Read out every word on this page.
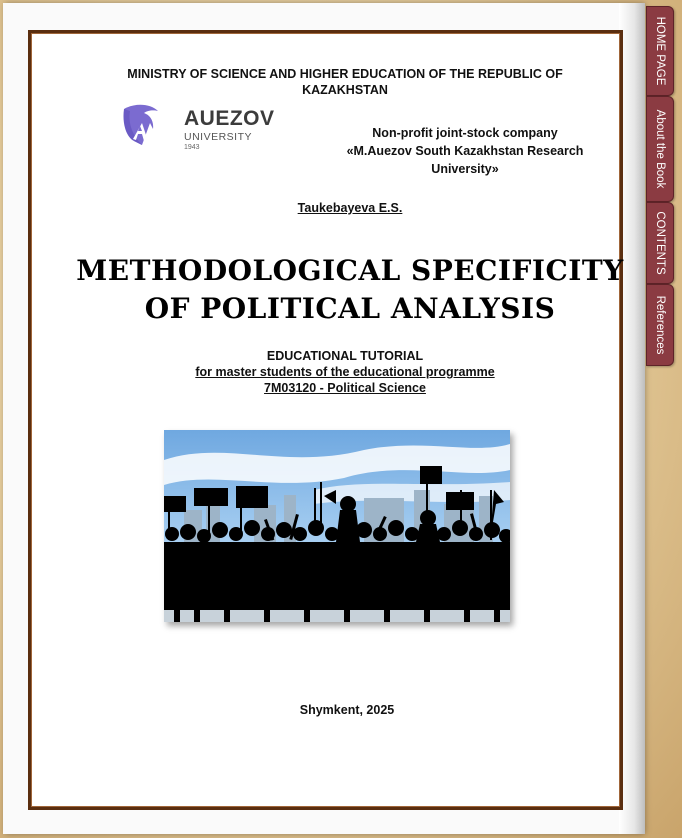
MINISTRY OF SCIENCE AND HIGHER EDUCATION OF THE REPUBLIC OF KAZAKHSTAN
AUEZOV
UNIVERSITY
1943
Non-profit joint-stock company
«M.Auezov South Kazakhstan Research University»
Taukebayeva E.S.
METHODOLOGICAL SPECIFICITY OF POLITICAL ANALYSIS
EDUCATIONAL TUTORIAL
for master students of the educational programme
7M03120 - Political Science
Shymkent, 2025
HOME PAGE
About the Book
CONTENTS
References
